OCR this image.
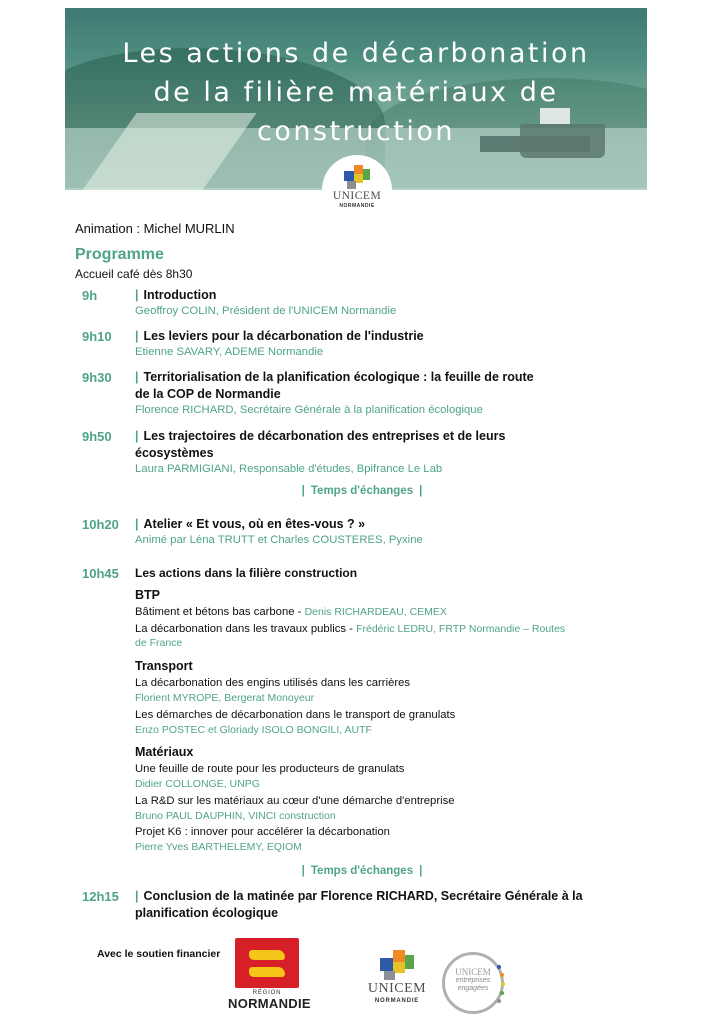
Les actions de décarbonation
de la filière matériaux de
construction
UNICEM
NORMANDIE
Animation : Michel MURLIN
Programme
Accueil café dès 8h30
9h	| Introduction
Geoffroy COLIN, Président de l'UNICEM Normandie
9h10 | Les leviers pour la décarbonation de l'industrie
Etienne SAVARY, ADEME Normandie
9h30 | Territorialisation de la planification écologique : la feuille de route
de la COP de Normandie
Florence RICHARD, Secrétaire Générale à la planification écologique
9h50 | Les trajectoires de décarbonation des entreprises et de leurs
écosystèmes
Laura PARMIGIANI, Responsable d'études, Bpifrance Le Lab
| Temps d'échanges |
10h20 | Atelier « Et vous, où en êtes-vous ? »
Animé par Léna TRUTT et Charles COUSTERES, Pyxine
10h45 Les actions dans la filière construction
BTP
Bâtiment et bétons bas carbone - Denis RICHARDEAU, CEMEX
La décarbonation dans les travaux publics - Frédéric LEDRU, FRTP Normandie – Routes
de France
Transport
La décarbonation des engins utilisés dans les carrières
Florient MYROPE, Bergerat Monoyeur
Les démarches de décarbonation dans le transport de granulats
Enzo POSTEC et Gloriady ISOLO BONGILI, AUTF
Matériaux
Une feuille de route pour les producteurs de granulats
Didier COLLONGE, UNPG
La R&D sur les matériaux au cœur d'une démarche d'entreprise
Bruno PAUL DAUPHIN, VINCI construction
Projet K6 : innover pour accélérer la décarbonation
Pierre Yves BARTHELEMY, EQIOM
| Temps d'échanges |
12h15 | Conclusion de la matinée par Florence RICHARD, Secrétaire Générale à la
planification écologique
Avec le soutien financier
RÉGION
NORMANDIE
UNICEM
NORMANDIE
UNICEM
entreprises
engagées
